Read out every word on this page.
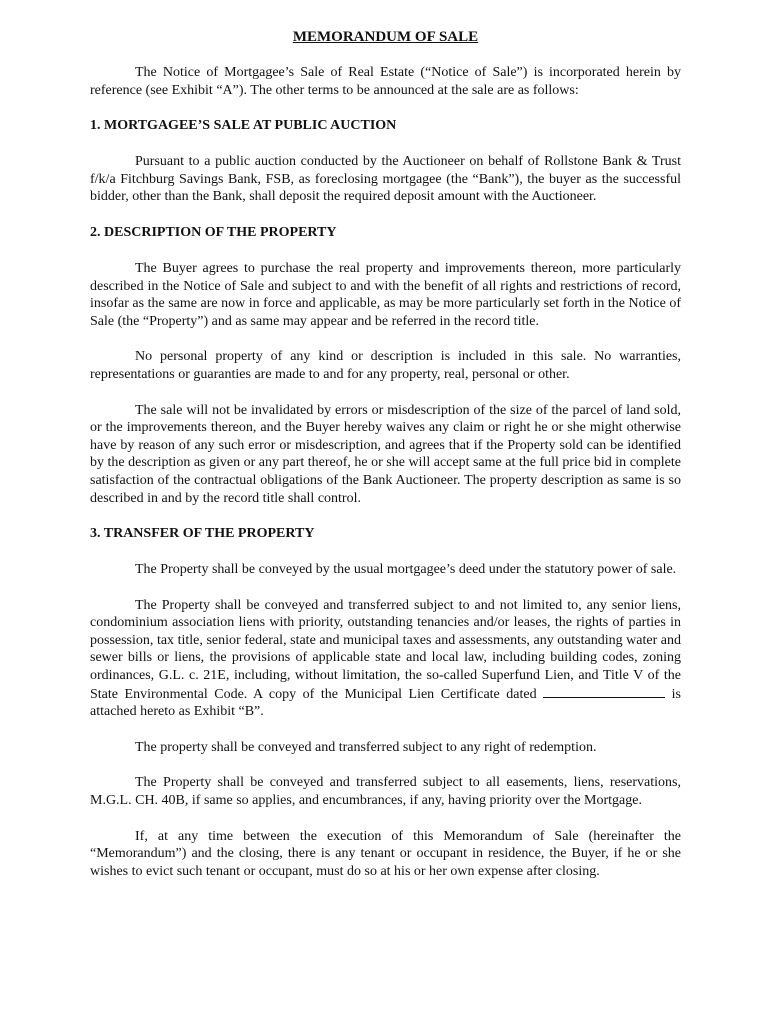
MEMORANDUM OF SALE

The Notice of Mortgagee’s Sale of Real Estate (“Notice of Sale”) is incorporated herein by reference (see Exhibit “A”). The other terms to be announced at the sale are as follows:

1. MORTGAGEE’S SALE AT PUBLIC AUCTION

Pursuant to a public auction conducted by the Auctioneer on behalf of Rollstone Bank & Trust f/k/a Fitchburg Savings Bank, FSB, as foreclosing mortgagee (the “Bank”), the buyer as the successful bidder, other than the Bank, shall deposit the required deposit amount with the Auctioneer.

2. DESCRIPTION OF THE PROPERTY

The Buyer agrees to purchase the real property and improvements thereon, more particularly described in the Notice of Sale and subject to and with the benefit of all rights and restrictions of record, insofar as the same are now in force and applicable, as may be more particularly set forth in the Notice of Sale (the “Property”) and as same may appear and be referred in the record title.

No personal property of any kind or description is included in this sale. No warranties, representations or guaranties are made to and for any property, real, personal or other.

The sale will not be invalidated by errors or misdescription of the size of the parcel of land sold, or the improvements thereon, and the Buyer hereby waives any claim or right he or she might otherwise have by reason of any such error or misdescription, and agrees that if the Property sold can be identified by the description as given or any part thereof, he or she will accept same at the full price bid in complete satisfaction of the contractual obligations of the Bank Auctioneer. The property description as same is so described in and by the record title shall control.

3. TRANSFER OF THE PROPERTY

The Property shall be conveyed by the usual mortgagee’s deed under the statutory power of sale.

The Property shall be conveyed and transferred subject to and not limited to, any senior liens, condominium association liens with priority, outstanding tenancies and/or leases, the rights of parties in possession, tax title, senior federal, state and municipal taxes and assessments, any outstanding water and sewer bills or liens, the provisions of applicable state and local law, including building codes, zoning ordinances, G.L. c. 21E, including, without limitation, the so-called Superfund Lien, and Title V of the State Environmental Code. A copy of the Municipal Lien Certificate dated	is attached hereto as Exhibit “B”.

The property shall be conveyed and transferred subject to any right of redemption.

The Property shall be conveyed and transferred subject to all easements, liens, reservations, M.G.L. CH. 40B, if same so applies, and encumbrances, if any, having priority over the Mortgage.

If, at any time between the execution of this Memorandum of Sale (hereinafter the “Memorandum”) and the closing, there is any tenant or occupant in residence, the Buyer, if he or she wishes to evict such tenant or occupant, must do so at his or her own expense after closing.
